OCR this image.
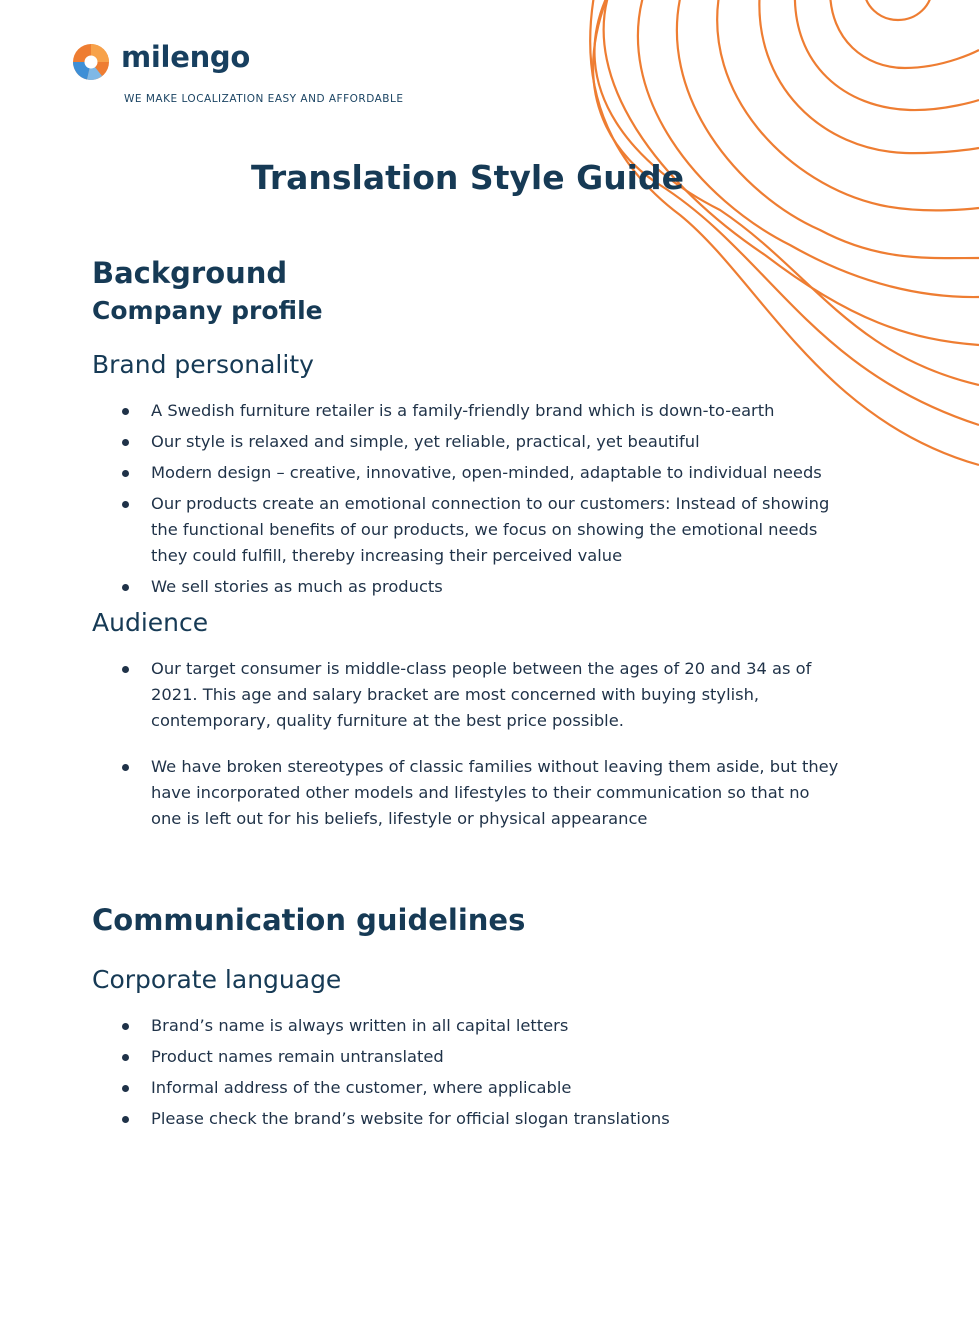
milengo
WE MAKE LOCALIZATION EASY AND AFFORDABLE
Translation Style Guide
Background
Company profile
Brand personality
A Swedish furniture retailer is a family-friendly brand which is down-to-earth
Our style is relaxed and simple, yet reliable, practical, yet beautiful
Modern design – creative, innovative, open-minded, adaptable to individual needs
Our products create an emotional connection to our customers: Instead of showing the functional benefits of our products, we focus on showing the emotional needs they could fulfill, thereby increasing their perceived value
We sell stories as much as products
Audience
Our target consumer is middle-class people between the ages of 20 and 34 as of 2021. This age and salary bracket are most concerned with buying stylish, contemporary, quality furniture at the best price possible.
We have broken stereotypes of classic families without leaving them aside, but they have incorporated other models and lifestyles to their communication so that no one is left out for his beliefs, lifestyle or physical appearance
Communication guidelines
Corporate language
Brand’s name is always written in all capital letters
Product names remain untranslated
Informal address of the customer, where applicable
Please check the brand’s website for official slogan translations
